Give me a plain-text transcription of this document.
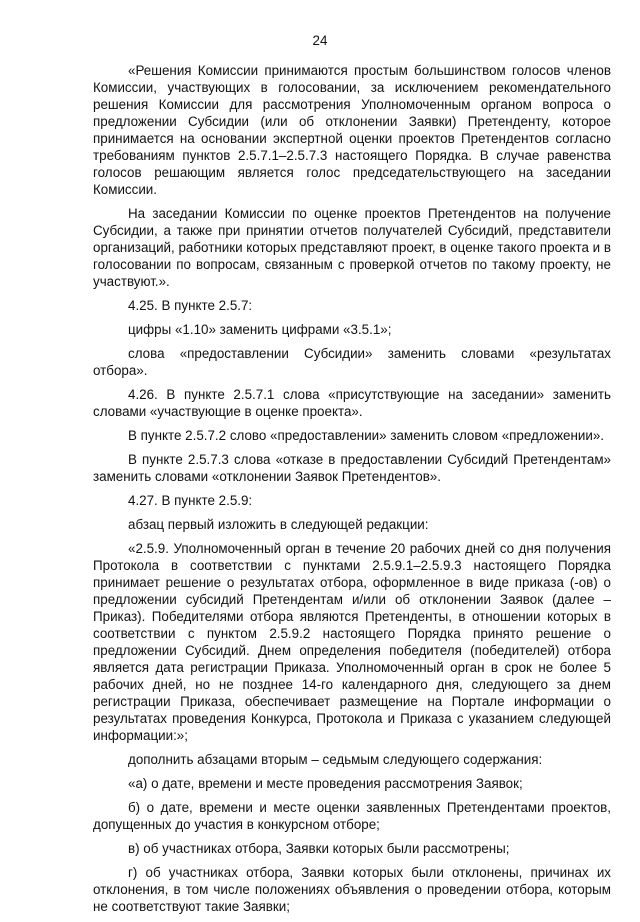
24

«Решения Комиссии принимаются простым большинством голосов членов Комиссии, участвующих в голосовании, за исключением рекомендательного решения Комиссии для рассмотрения Уполномоченным органом вопроса о предложении Субсидии (или об отклонении Заявки) Претенденту, которое принимается на основании экспертной оценки проектов Претендентов согласно требованиям пунктов 2.5.7.1–2.5.7.3 настоящего Порядка. В случае равенства голосов решающим является голос председательствующего на заседании Комиссии.

На заседании Комиссии по оценке проектов Претендентов на получение Субсидии, а также при принятии отчетов получателей Субсидий, представители организаций, работники которых представляют проект, в оценке такого проекта и в голосовании по вопросам, связанным с проверкой отчетов по такому проекту, не участвуют.».

4.25. В пункте 2.5.7:

цифры «1.10» заменить цифрами «3.5.1»;

слова «предоставлении Субсидии» заменить словами «результатах отбора».

4.26. В пункте 2.5.7.1 слова «присутствующие на заседании» заменить словами «участвующие в оценке проекта».

В пункте 2.5.7.2 слово «предоставлении» заменить словом «предложении».

В пункте 2.5.7.3 слова «отказе в предоставлении Субсидий Претендентам» заменить словами «отклонении Заявок Претендентов».

4.27. В пункте 2.5.9:

абзац первый изложить в следующей редакции:

«2.5.9. Уполномоченный орган в течение 20 рабочих дней со дня получения Протокола в соответствии с пунктами 2.5.9.1–2.5.9.3 настоящего Порядка принимает решение о результатах отбора, оформленное в виде приказа (-ов) о предложении субсидий Претендентам и/или об отклонении Заявок (далее – Приказ). Победителями отбора являются Претенденты, в отношении которых в соответствии с пунктом 2.5.9.2 настоящего Порядка принято решение о предложении Субсидий. Днем определения победителя (победителей) отбора является дата регистрации Приказа. Уполномоченный орган в срок не более 5 рабочих дней, но не позднее 14-го календарного дня, следующего за днем регистрации Приказа, обеспечивает размещение на Портале информации о результатах проведения Конкурса, Протокола и Приказа с указанием следующей информации:»;

дополнить абзацами вторым – седьмым следующего содержания:

«а) о дате, времени и месте проведения рассмотрения Заявок;

б) о дате, времени и месте оценки заявленных Претендентами проектов, допущенных до участия в конкурсном отборе;

в) об участниках отбора, Заявки которых были рассмотрены;

г) об участниках отбора, Заявки которых были отклонены, причинах их отклонения, в том числе положениях объявления о проведении отбора, которым не соответствуют такие Заявки;
